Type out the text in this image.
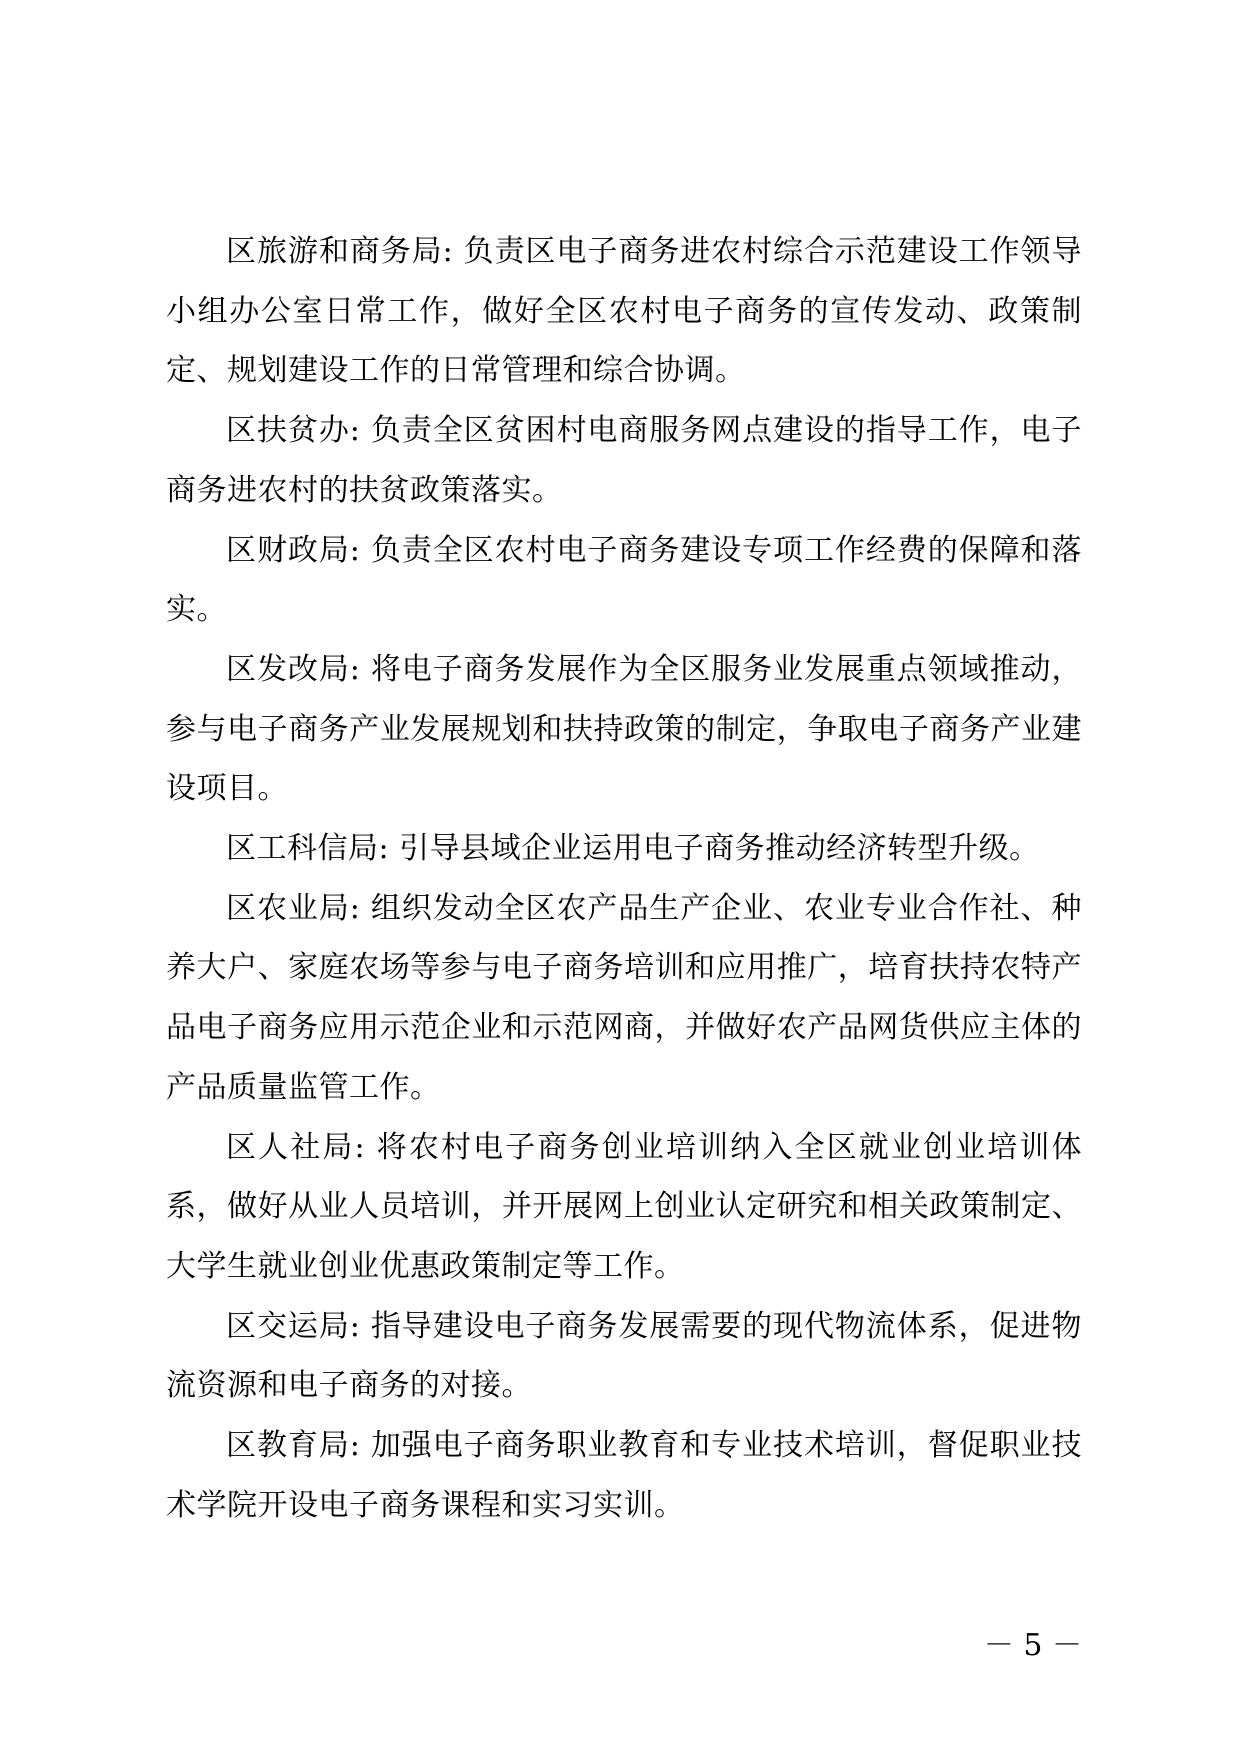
区旅游和商务局: 负责区电子商务进农村综合示范建设工作领导小组办公室日常工作，做好全区农村电子商务的宣传发动、政策制定、规划建设工作的日常管理和综合协调。

区扶贫办: 负责全区贫困村电商服务网点建设的指导工作，电子商务进农村的扶贫政策落实。

区财政局: 负责全区农村电子商务建设专项工作经费的保障和落实。

区发改局: 将电子商务发展作为全区服务业发展重点领域推动，参与电子商务产业发展规划和扶持政策的制定，争取电子商务产业建设项目。

区工科信局: 引导县域企业运用电子商务推动经济转型升级。

区农业局: 组织发动全区农产品生产企业、农业专业合作社、种养大户、家庭农场等参与电子商务培训和应用推广，培育扶持农特产品电子商务应用示范企业和示范网商，并做好农产品网货供应主体的产品质量监管工作。

区人社局: 将农村电子商务创业培训纳入全区就业创业培训体系，做好从业人员培训，并开展网上创业认定研究和相关政策制定、大学生就业创业优惠政策制定等工作。

区交运局: 指导建设电子商务发展需要的现代物流体系，促进物流资源和电子商务的对接。

区教育局: 加强电子商务职业教育和专业技术培训，督促职业技术学院开设电子商务课程和实习实训。

－ 5 －
